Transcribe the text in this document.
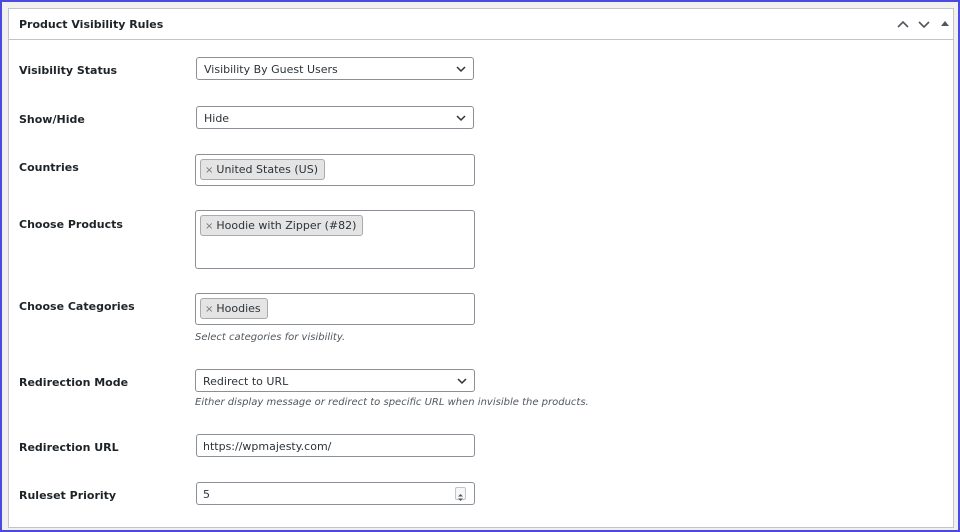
Product Visibility Rules
Visibility Status	Visibility By Guest Users
Show/Hide	Hide
Countries	× United States (US)
Choose Products	× Hoodie with Zipper (#82)
Choose Categories	× Hoodies
Select categories for visibility.
Redirection Mode	Redirect to URL
Either display message or redirect to specific URL when invisible the products.
Redirection URL	https://wpmajesty.com/
Ruleset Priority	5
